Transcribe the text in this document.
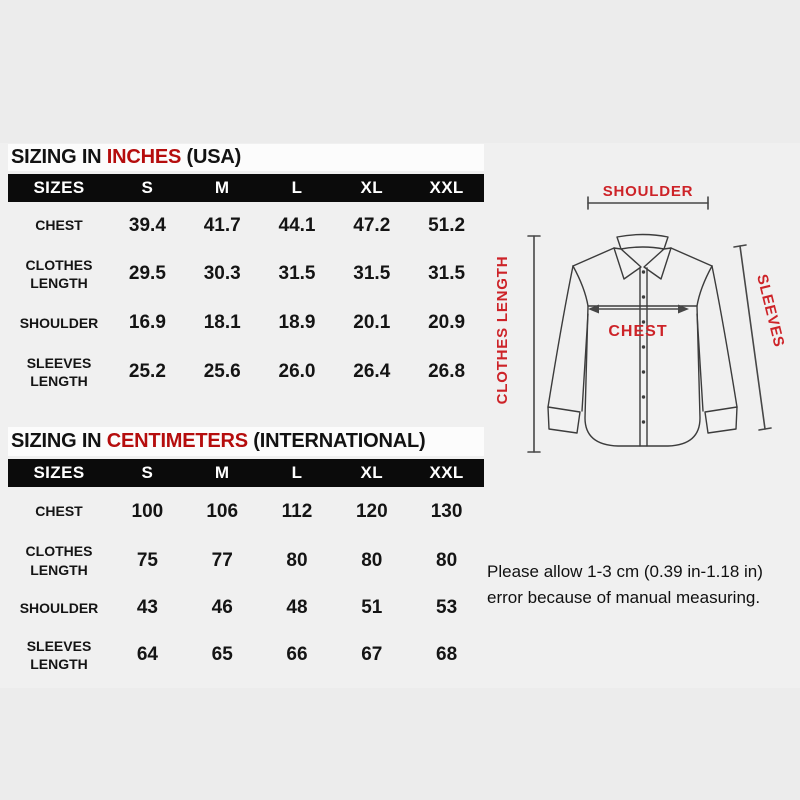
SIZING IN INCHES (USA)
SIZES	S	M	L	XL	XXL
CHEST	39.4	41.7	44.1	47.2	51.2
CLOTHES LENGTH	29.5	30.3	31.5	31.5	31.5
SHOULDER	16.9	18.1	18.9	20.1	20.9
SLEEVES LENGTH	25.2	25.6	26.0	26.4	26.8
SIZING IN CENTIMETERS (INTERNATIONAL)
SIZES	S	M	L	XL	XXL
CHEST	100	106	112	120	130
CLOTHES LENGTH	75	77	80	80	80
SHOULDER	43	46	48	51	53
SLEEVES LENGTH	64	65	66	67	68
SHOULDER
CLOTHES LENGTH	SLEEVES
CHEST
Please allow 1-3 cm (0.39 in-1.18 in)
error because of manual measuring.
